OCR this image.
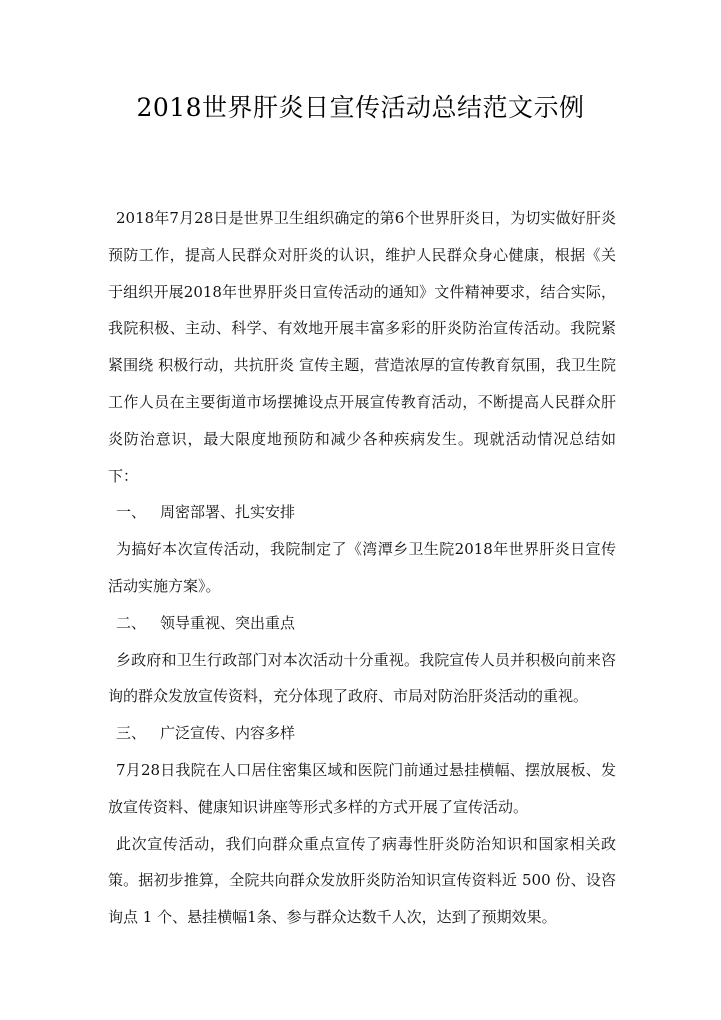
2018世界肝炎日宣传活动总结范文示例

2018年7月28日是世界卫生组织确定的第6个世界肝炎日，为切实做好肝炎预防工作，提高人民群众对肝炎的认识，维护人民群众身心健康，根据《关于组织开展2018年世界肝炎日宣传活动的通知》文件精神要求，结合实际，我院积极、主动、科学、有效地开展丰富多彩的肝炎防治宣传活动。我院紧紧围绕 积极行动，共抗肝炎 宣传主题，营造浓厚的宣传教育氛围，我卫生院工作人员在主要街道市场摆摊设点开展宣传教育活动，不断提高人民群众肝炎防治意识，最大限度地预防和减少各种疾病发生。现就活动情况总结如下：

一、 周密部署、扎实安排

为搞好本次宣传活动，我院制定了《湾潭乡卫生院2018年世界肝炎日宣传活动实施方案》。

二、 领导重视、突出重点

乡政府和卫生行政部门对本次活动十分重视。我院宣传人员并积极向前来咨询的群众发放宣传资料，充分体现了政府、市局对防治肝炎活动的重视。

三、 广泛宣传、内容多样

7月28日我院在人口居住密集区域和医院门前通过悬挂横幅、摆放展板、发放宣传资料、健康知识讲座等形式多样的方式开展了宣传活动。

此次宣传活动，我们向群众重点宣传了病毒性肝炎防治知识和国家相关政策。据初步推算，全院共向群众发放肝炎防治知识宣传资料近 500 份、设咨询点 1 个、悬挂横幅1条、参与群众达数千人次，达到了预期效果。
